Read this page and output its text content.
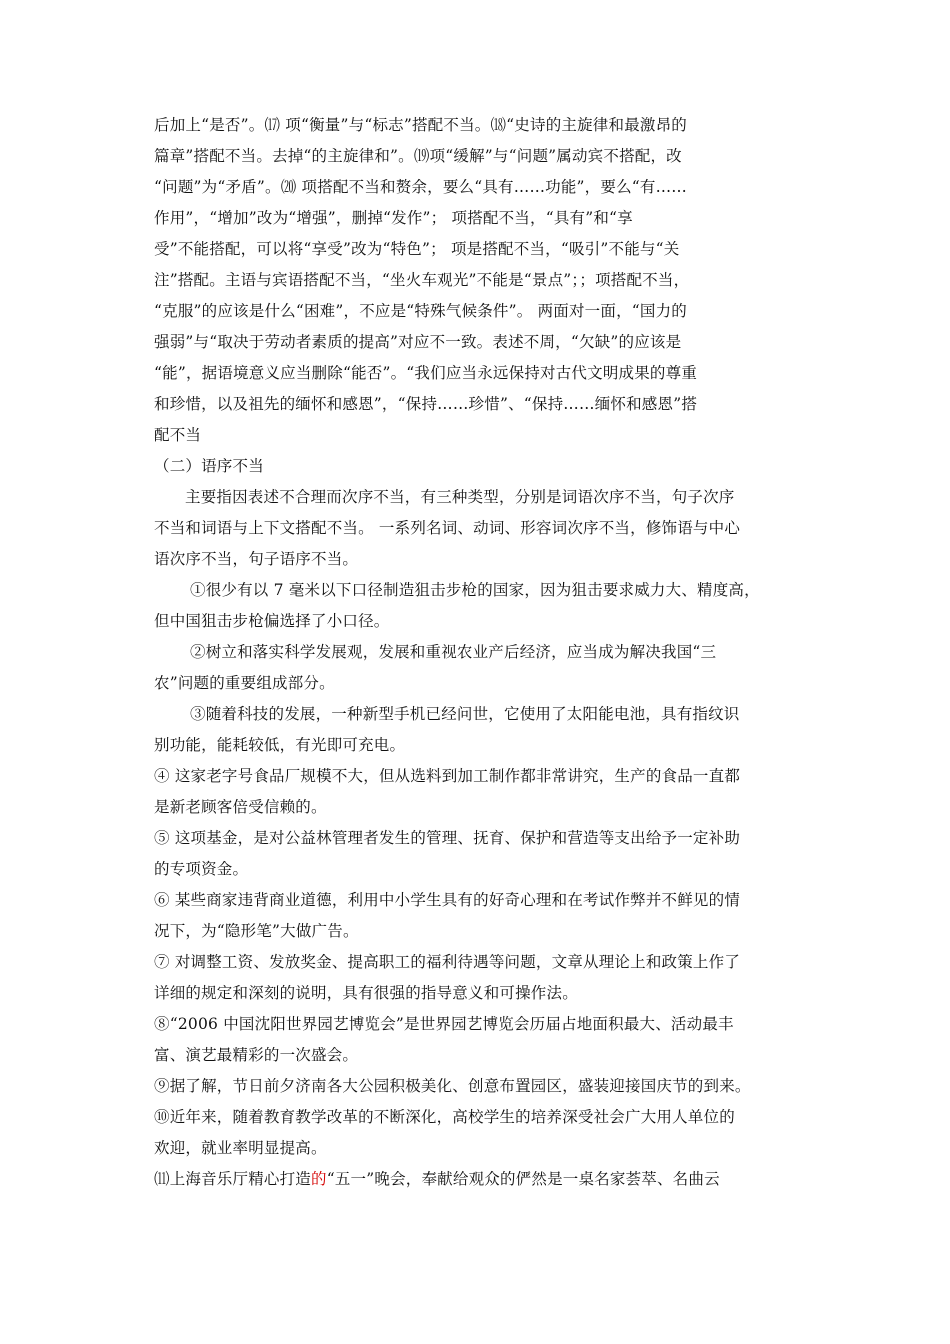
后加上“是否”。⒄ 项“衡量”与“标志”搭配不当。⒅“史诗的主旋律和最激昂的
篇章”搭配不当。去掉“的主旋律和”。⒆项“缓解”与“问题”属动宾不搭配，改
“问题”为“矛盾”。⒇ 项搭配不当和赘余，要么“具有……功能”，要么“有……
作用”，“增加”改为“增强”，删掉“发作”； 项搭配不当，“具有”和“享
受”不能搭配，可以将“享受”改为“特色”； 项是搭配不当，“吸引”不能与“关
注”搭配。主语与宾语搭配不当，“坐火车观光”不能是“景点”；；项搭配不当，
“克服”的应该是什么“困难”，不应是“特殊气候条件”。 两面对一面，“国力的
强弱”与“取决于劳动者素质的提高”对应不一致。表述不周，“欠缺”的应该是
“能”，据语境意义应当删除“能否”。“我们应当永远保持对古代文明成果的尊重
和珍惜，以及祖先的缅怀和感恩”，“保持……珍惜”、“保持……缅怀和感恩”搭
配不当
（二）语序不当
主要指因表述不合理而次序不当，有三种类型，分别是词语次序不当，句子次序
不当和词语与上下文搭配不当。 一系列名词、动词、形容词次序不当，修饰语与中心
语次序不当，句子语序不当。
①很少有以 7 毫米以下口径制造狙击步枪的国家，因为狙击要求威力大、精度高，
但中国狙击步枪偏选择了小口径。
②树立和落实科学发展观，发展和重视农业产后经济，应当成为解决我国“三
农”问题的重要组成部分。
③随着科技的发展，一种新型手机已经问世，它使用了太阳能电池，具有指纹识
别功能，能耗较低，有光即可充电。
④ 这家老字号食品厂规模不大，但从选料到加工制作都非常讲究，生产的食品一直都
是新老顾客倍受信赖的。
⑤ 这项基金，是对公益林管理者发生的管理、抚育、保护和营造等支出给予一定补助
的专项资金。
⑥ 某些商家违背商业道德，利用中小学生具有的好奇心理和在考试作弊并不鲜见的情
况下，为“隐形笔”大做广告。
⑦ 对调整工资、发放奖金、提高职工的福利待遇等问题，文章从理论上和政策上作了
详细的规定和深刻的说明，具有很强的指导意义和可操作法。
⑧“2006 中国沈阳世界园艺博览会”是世界园艺博览会历届占地面积最大、活动最丰
富、演艺最精彩的一次盛会。
⑨据了解，节日前夕济南各大公园积极美化、创意布置园区，盛装迎接国庆节的到来。
⑩近年来，随着教育教学改革的不断深化，高校学生的培养深受社会广大用人单位的
欢迎，就业率明显提高。
⑾上海音乐厅精心打造的“五一”晚会，奉献给观众的俨然是一桌名家荟萃、名曲云
